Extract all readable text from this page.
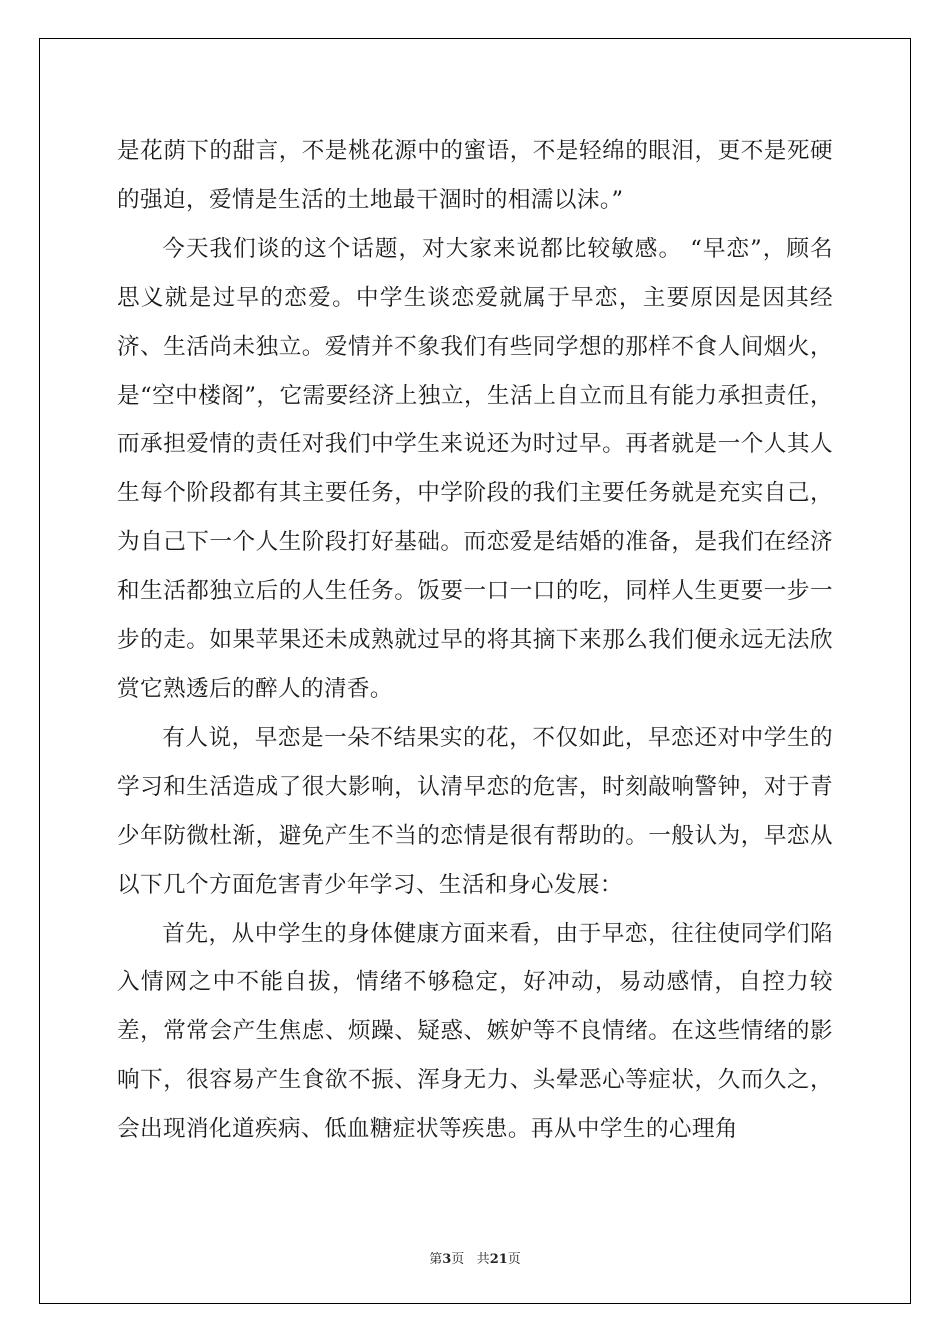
是花荫下的甜言，不是桃花源中的蜜语，不是轻绵的眼泪，更不是死硬的强迫，爱情是生活的土地最干涸时的相濡以沫。”

今天我们谈的这个话题，对大家来说都比较敏感。 “早恋”，顾名思义就是过早的恋爱。中学生谈恋爱就属于早恋，主要原因是因其经济、生活尚未独立。爱情并不象我们有些同学想的那样不食人间烟火，是“空中楼阁”，它需要经济上独立，生活上自立而且有能力承担责任，而承担爱情的责任对我们中学生来说还为时过早。再者就是一个人其人生每个阶段都有其主要任务，中学阶段的我们主要任务就是充实自己，为自己下一个人生阶段打好基础。而恋爱是结婚的准备，是我们在经济和生活都独立后的人生任务。饭要一口一口的吃，同样人生更要一步一步的走。如果苹果还未成熟就过早的将其摘下来那么我们便永远无法欣赏它熟透后的醉人的清香。

有人说，早恋是一朵不结果实的花，不仅如此，早恋还对中学生的学习和生活造成了很大影响，认清早恋的危害，时刻敲响警钟，对于青少年防微杜渐，避免产生不当的恋情是很有帮助的。一般认为，早恋从以下几个方面危害青少年学习、生活和身心发展：

首先，从中学生的身体健康方面来看，由于早恋，往往使同学们陷入情网之中不能自拔，情绪不够稳定，好冲动，易动感情，自控力较差，常常会产生焦虑、烦躁、疑惑、嫉妒等不良情绪。在这些情绪的影响下，很容易产生食欲不振、浑身无力、头晕恶心等症状，久而久之，会出现消化道疾病、低血糖症状等疾患。再从中学生的心理角

第3页 共21页
